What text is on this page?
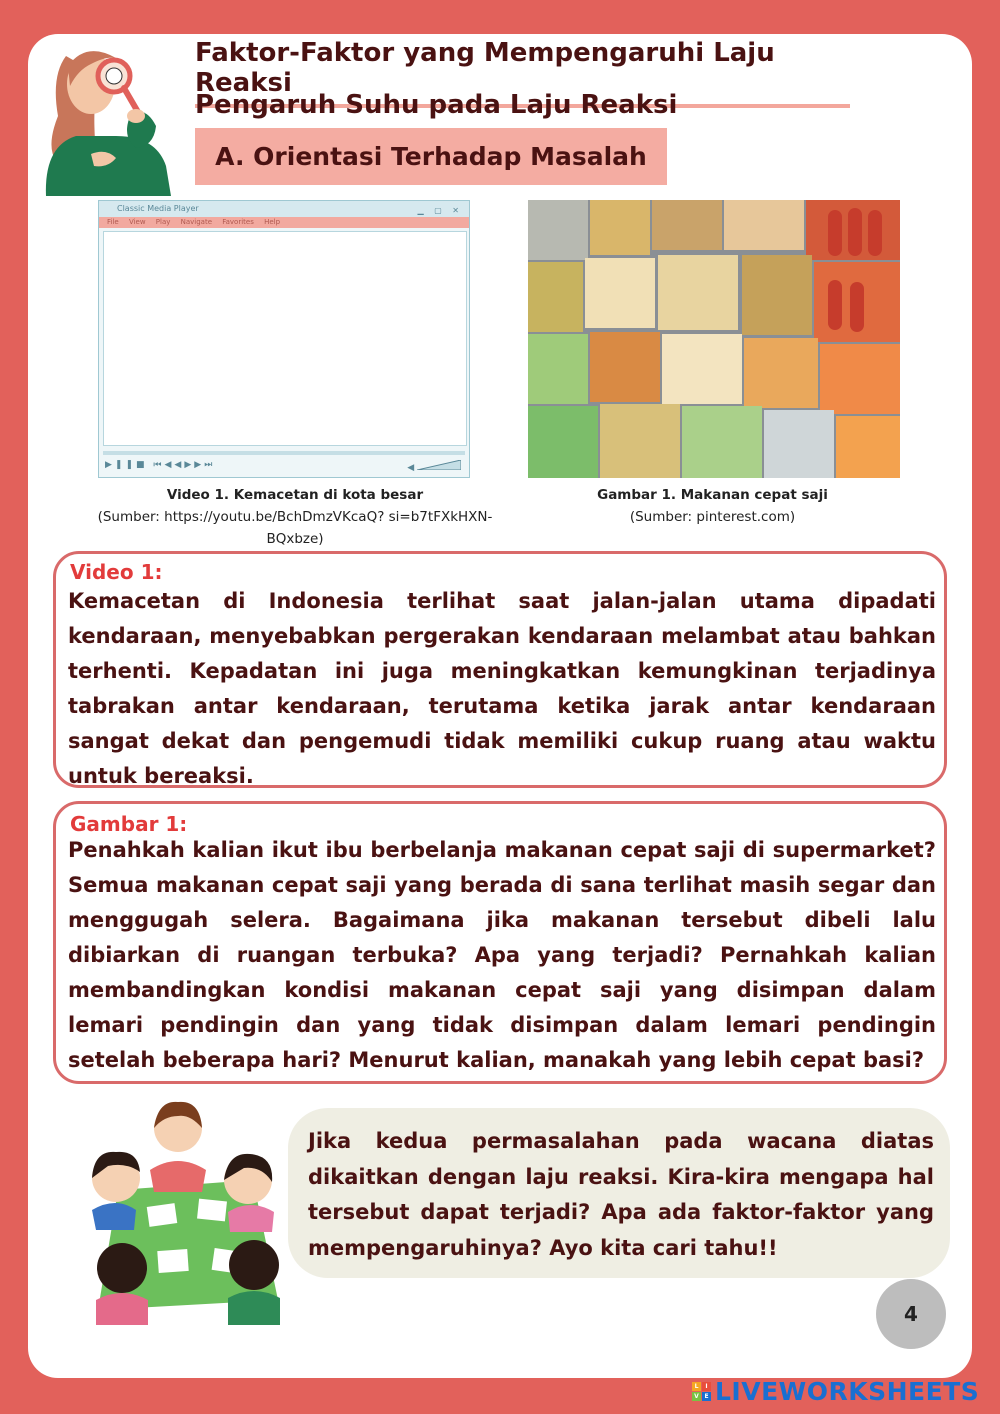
Faktor-Faktor yang Mempengaruhi Laju Reaksi
Pengaruh Suhu pada Laju Reaksi
A. Orientasi Terhadap Masalah
Classic Media Player	▁ ▢ ✕
File View Play Navigate Favorites Help
▶❚❚■ ⏮◀◀▶▶⏭	◀
Video 1. Kemacetan di kota besar
(Sumber: https://youtu.be/BchDmzVKcaQ? si=b7tFXkHXN-BQxbze)
Gambar 1. Makanan cepat saji
(Sumber: pinterest.com)
Video 1:
Kemacetan di Indonesia terlihat saat jalan-jalan utama dipadati kendaraan, menyebabkan pergerakan kendaraan melambat atau bahkan terhenti. Kepadatan ini juga meningkatkan kemungkinan terjadinya tabrakan antar kendaraan, terutama ketika jarak antar kendaraan sangat dekat dan pengemudi tidak memiliki cukup ruang atau waktu untuk bereaksi.
Gambar 1:
Penahkah kalian ikut ibu berbelanja makanan cepat saji di supermarket? Semua makanan cepat saji yang berada di sana terlihat masih segar dan menggugah selera. Bagaimana jika makanan tersebut dibeli lalu dibiarkan di ruangan terbuka? Apa yang terjadi? Pernahkah kalian membandingkan kondisi makanan cepat saji yang disimpan dalam lemari pendingin dan yang tidak disimpan dalam lemari pendingin setelah beberapa hari? Menurut kalian, manakah yang lebih cepat basi?
Jika kedua permasalahan pada wacana diatas dikaitkan dengan laju reaksi. Kira-kira mengapa hal tersebut dapat terjadi? Apa ada faktor-faktor yang mempengaruhinya? Ayo kita cari tahu!!
4
L	I
V E LIVEWORKSHEETS
